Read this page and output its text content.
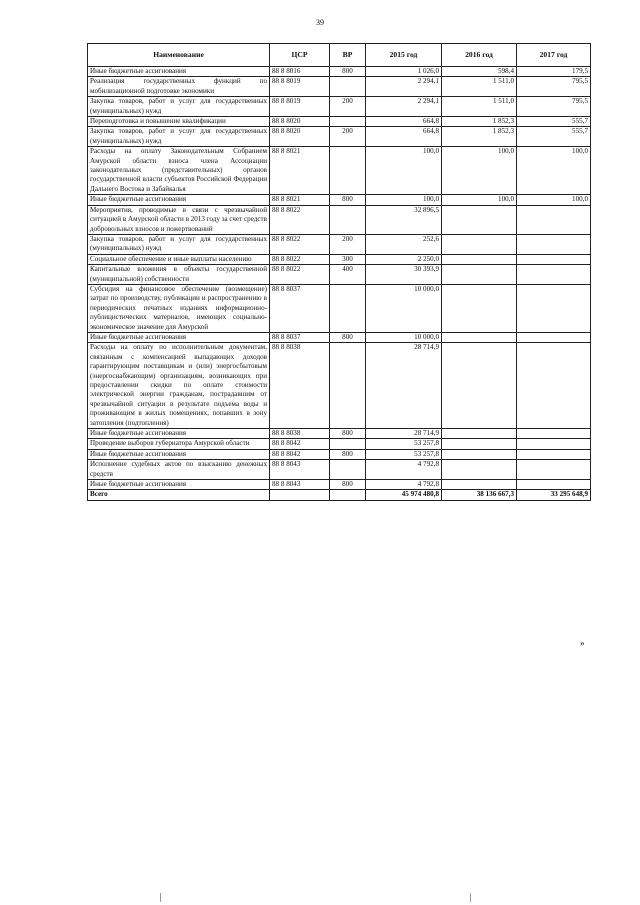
39
Наименование	ЦСР	ВР	2015 год	2016 год	2017 год
Иные бюджетные ассигнования	88 8 8016	800	1 026,0	598,4	179,5
Реализация государственных функций по мобилизационной подготовке экономики	88 8 8019		2 294,1	1 511,0	795,5
Закупка товаров, работ и услуг для государственных (муниципальных) нужд	88 8 8019	200	2 294,1	1 511,0	795,5
Переподготовка и повышение квалификации	88 8 8020		664,8	1 852,3	555,7
Закупка товаров, работ и услуг для государственных (муниципальных) нужд	88 8 8020	200	664,8	1 852,3	555,7
Расходы на оплату Законодательным Собранием Амурской области взноса члена Ассоциации законодательных (представительных) органов государственной власти субъектов Российской Федерации Дальнего Востока и Забайкалья	88 8 8021		100,0	100,0	100,0
Иные бюджетные ассигнования	88 8 8021	800	100,0	100,0	100,0
Мероприятия, проводимые в связи с чрезвычайной ситуацией в Амурской области в 2013 году за счет средств добровольных взносов и пожертвований	88 8 8022		32 896,5		
Закупка товаров, работ и услуг для государственных (муниципальных) нужд	88 8 8022	200	252,6		
Социальное обеспечение и иные выплаты населению	88 8 8022	300	2 250,0		
Капитальные вложения в объекты государственной (муниципальной) собственности	88 8 8022	400	30 393,9		
Субсидия на финансовое обеспечение (возмещение) затрат по производству, публикации и распространению в периодических печатных изданиях информационно-публицистических материалов, имеющих социально-экономическое значение для Амурской	88 8 8037		10 000,0		
Иные бюджетные ассигнования	88 8 8037	800	10 000,0		
Расходы на оплату по исполнительным документам, связанным с компенсацией выпадающих доходов гарантирующим поставщикам и (или) энергосбытовым (энергоснабжающим) организациям, возникающих при предоставлении скидки по оплате стоимости электрической энергии гражданам, пострадавшим от чрезвычайной ситуации в результате подъема воды и проживающим в жилых помещениях, попавших в зону затопления (подтопления)	88 8 8038		28 714,9		
Иные бюджетные ассигнования	88 8 8038	800	28 714,9		
Проведение выборов губернатора Амурской области	88 8 8042		53 257,8		
Иные бюджетные ассигнования	88 8 8042	800	53 257,8		
Исполнение судебных актов по взысканию денежных средств	88 8 8043		4 792,8		
Иные бюджетные ассигнования	88 8 8043	800	4 792,8		
Всего			45 974 480,8	38 136 667,3	33 295 648,9
»
